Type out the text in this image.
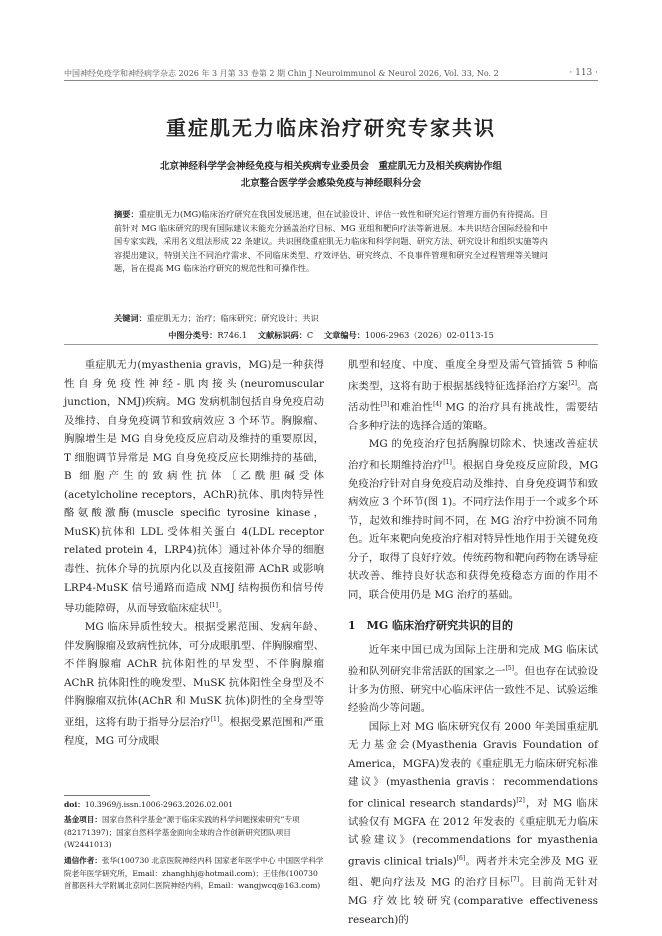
中国神经免疫学和神经病学杂志 2026 年 3 月第 33 卷第 2 期 Chin J Neuroimmunol & Neurol 2026, Vol. 33, No. 2	· 113 ·
重症肌无力临床治疗研究专家共识
北京神经科学学会神经免疫与相关疾病专业委员会　重症肌无力及相关疾病协作组
北京整合医学学会感染免疫与神经眼科分会
摘要：重症肌无力(MG)临床治疗研究在我国发展迅速，但在试验设计、评估一致性和研究运行管理方面仍有待提高。目前针对 MG 临床研究的现有国际建议未能充分涵盖治疗目标、MG 亚组和靶向疗法等新进展。本共识结合国际经验和中国专家实践，采用名义组法形成 22 条建议。共识围绕重症肌无力临床和科学问题、研究方法、研究设计和组织实施等内容提出建议，特别关注不同治疗需求、不同临床类型、疗效评估、研究终点、不良事件管理和研究全过程管理等关键问题，旨在提高 MG 临床治疗研究的规范性和可操作性。
关键词：重症肌无力；治疗；临床研究；研究设计；共识
中图分类号：R746.1　 文献标识码：C　 文章编号：1006-2963（2026）02-0113-15

重症肌无力(myasthenia gravis，MG)是一种获得性自身免疫性神经-肌肉接头(neuromuscular junction，NMJ)疾病。MG 发病机制包括自身免疫启动及维持、自身免疫调节和致病效应 3 个环节。胸腺瘤、胸腺增生是 MG 自身免疫反应启动及维持的重要原因，T 细胞调节异常是 MG 自身免疫反应长期维持的基础，B 细胞产生的致病性抗体〔乙酰胆碱受体(acetylcholine receptors，AChR)抗体、肌肉特异性酪氨酸激酶(muscle specific tyrosine kinase，MuSK)抗体和 LDL 受体相关蛋白 4(LDL receptor related protein 4，LRP4)抗体〕通过补体介导的细胞毒性、抗体介导的抗原内化以及直接阻滞 AChR 或影响 LRP4-MuSK 信号通路而造成 NMJ 结构损伤和信号传导功能障碍，从而导致临床症状[1]。

MG 临床异质性较大。根据受累范围、发病年龄、伴发胸腺瘤及致病性抗体，可分成眼肌型、伴胸腺瘤型、不伴胸腺瘤 AChR 抗体阳性的早发型、不伴胸腺瘤 AChR 抗体阳性的晚发型、MuSK 抗体阳性全身型及不伴胸腺瘤双抗体(AChR 和 MuSK 抗体)阴性的全身型等亚组，这将有助于指导分层治疗[1]。根据受累范围和严重程度，MG 可分成眼

doi：10.3969/j.issn.1006-2963.2026.02.001
基金项目：国家自然科学基金“源于临床实践的科学问题探索研究”专项(82171397)；国家自然科学基金面向全球的合作创新研究团队项目(W2441013)
通信作者：张华(100730 北京医院神经内科 国家老年医学中心 中国医学科学院老年医学研究所，Email：zhanghhj@hotmail.com)；王佳伟(100730 首都医科大学附属北京同仁医院神经内科，Email：wangjwcq@163.com)

肌型和轻度、中度、重度全身型及需气管插管 5 种临床类型，这将有助于根据基线特征选择治疗方案[2]。高活动性[3]和难治性[4] MG 的治疗具有挑战性，需要结合多种疗法的选择合适的策略。

MG 的免疫治疗包括胸腺切除术、快速改善症状治疗和长期维持治疗[1]。根据自身免疫反应阶段，MG 免疫治疗针对自身免疫启动及维持、自身免疫调节和致病效应 3 个环节(图 1)。不同疗法作用于一个或多个环节，起效和维持时间不同，在 MG 治疗中扮演不同角色。近年来靶向免疫治疗相对特异性地作用于关键免疫分子，取得了良好疗效。传统药物和靶向药物在诱导症状改善、维持良好状态和获得免疫稳态方面的作用不同，联合使用仍是 MG 治疗的基础。

1　MG 临床治疗研究共识的目的

近年来中国已成为国际上注册和完成 MG 临床试验和队列研究非常活跃的国家之一[5]。但也存在试验设计多为仿照、研究中心临床评估一致性不足、试验运维经验尚少等问题。

国际上对 MG 临床研究仅有 2000 年美国重症肌无力基金会(Myasthenia Gravis Foundation of America，MGFA)发表的《重症肌无力临床研究标准建议》(myasthenia gravis：recommendations for clinical research standards)[2]，对 MG 临床试验仅有 MGFA 在 2012 年发表的《重症肌无力临床试验建议》(recommendations for myasthenia gravis clinical trials)[6]。两者并未完全涉及 MG 亚组、靶向疗法及 MG 的治疗目标[7]。目前尚无针对 MG 疗效比较研究(comparative effectiveness research)的
